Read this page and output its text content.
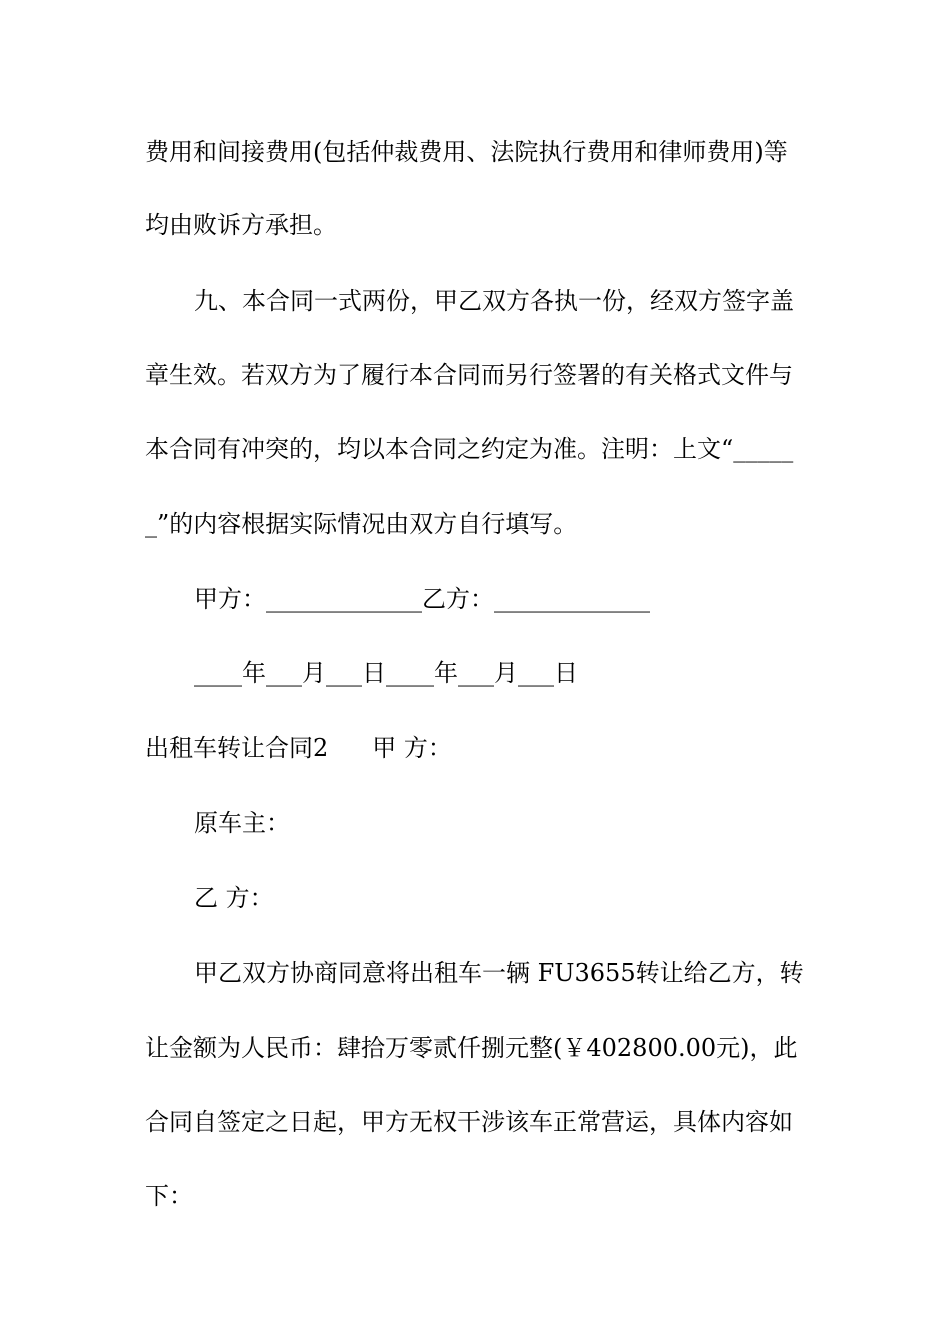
费用和间接费用(包括仲裁费用、法院执行费用和律师费用)等
均由败诉方承担。
九、本合同一式两份，甲乙双方各执一份，经双方签字盖
章生效。若双方为了履行本合同而另行签署的有关格式文件与
本合同有冲突的，均以本合同之约定为准。注明：上文“_____
_”的内容根据实际情况由双方自行填写。
甲方：_____________乙方：_____________
____年___月___日____年___月___日
出租车转让合同2 甲 方：
原车主：
乙 方：
甲乙双方协商同意将出租车一辆 FU3655转让给乙方，转
让金额为人民币：肆拾万零贰仟捌元整(￥402800.00元)，此
合同自签定之日起，甲方无权干涉该车正常营运，具体内容如
下：
